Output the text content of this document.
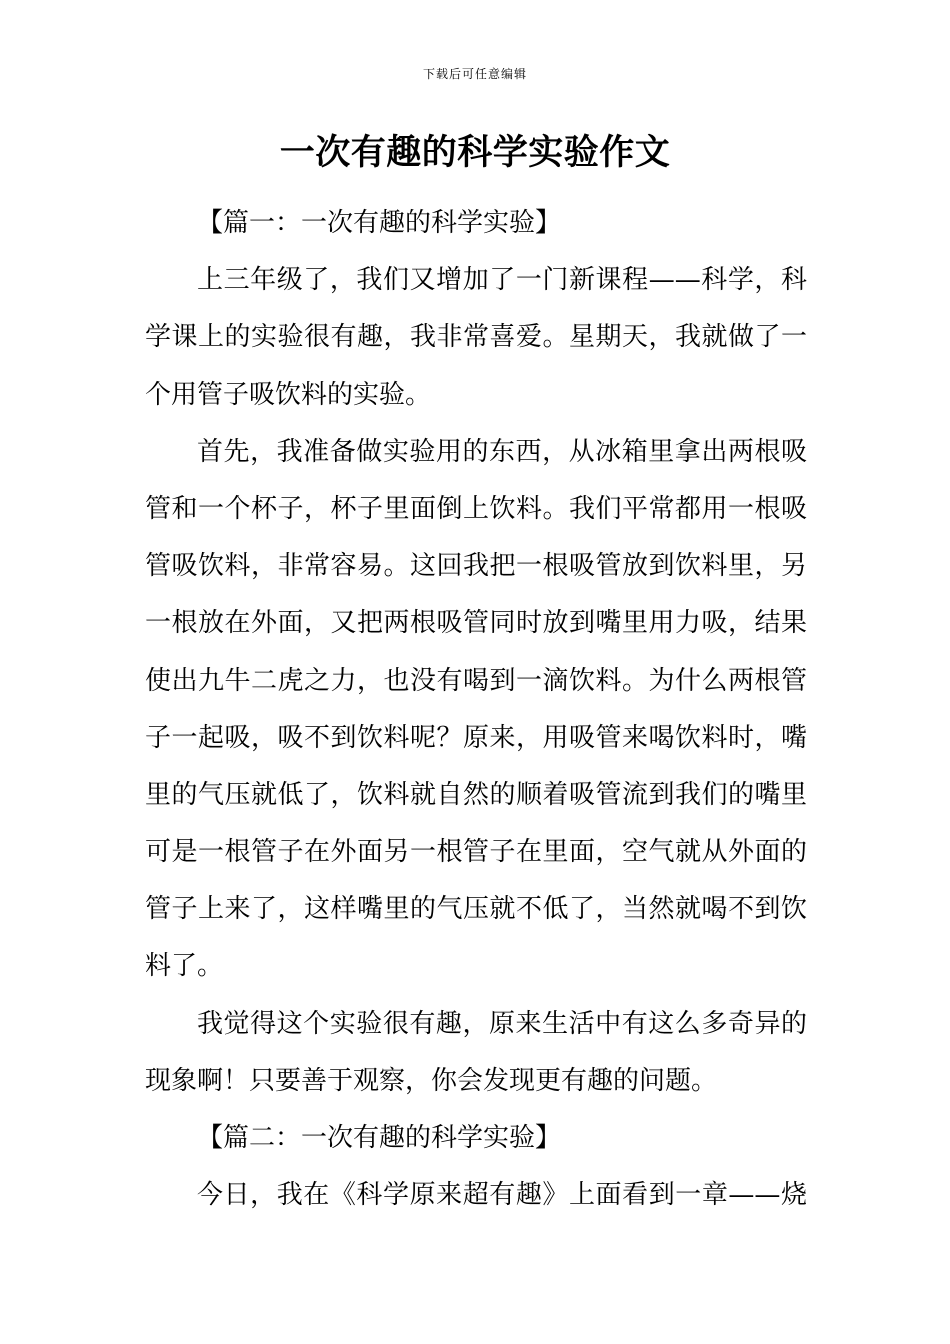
下载后可任意编辑
一次有趣的科学实验作文
【篇一：一次有趣的科学实验】
上三年级了，我们又增加了一门新课程——科学，科
学课上的实验很有趣，我非常喜爱。星期天，我就做了一
个用管子吸饮料的实验。
首先，我准备做实验用的东西，从冰箱里拿出两根吸
管和一个杯子，杯子里面倒上饮料。我们平常都用一根吸
管吸饮料，非常容易。这回我把一根吸管放到饮料里，另
一根放在外面，又把两根吸管同时放到嘴里用力吸，结果
使出九牛二虎之力，也没有喝到一滴饮料。为什么两根管
子一起吸，吸不到饮料呢？原来，用吸管来喝饮料时，嘴
里的气压就低了，饮料就自然的顺着吸管流到我们的嘴里
可是一根管子在外面另一根管子在里面，空气就从外面的
管子上来了，这样嘴里的气压就不低了，当然就喝不到饮
料了。
我觉得这个实验很有趣，原来生活中有这么多奇异的
现象啊！只要善于观察，你会发现更有趣的问题。
【篇二：一次有趣的科学实验】
今日，我在《科学原来超有趣》上面看到一章——烧
